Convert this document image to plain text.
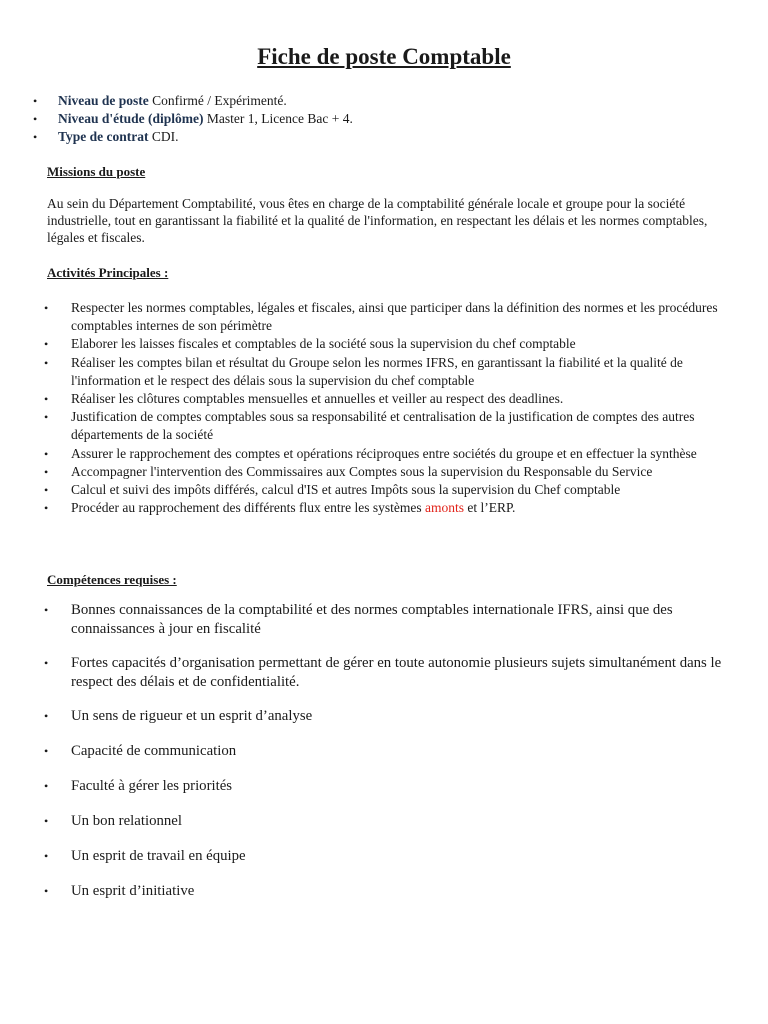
Fiche de poste Comptable
• Niveau de poste Confirmé / Expérimenté.
• Niveau d'étude (diplôme) Master 1, Licence Bac + 4.
• Type de contrat CDI.
Missions du poste

Au sein du Département Comptabilité, vous êtes en charge de la comptabilité générale locale et groupe pour la société industrielle, tout en garantissant la fiabilité et la qualité de l'information, en respectant les délais et les normes comptables, légales et fiscales.

Activités Principales :
• Respecter les normes comptables, légales et fiscales, ainsi que participer dans la définition des normes et les procédures comptables internes de son périmètre
• Elaborer les laisses fiscales et comptables de la société sous la supervision du chef comptable
• Réaliser les comptes bilan et résultat du Groupe selon les normes IFRS, en garantissant la fiabilité et la qualité de l'information et le respect des délais sous la supervision du chef comptable
• Réaliser les clôtures comptables mensuelles et annuelles et veiller au respect des deadlines.
• Justification de comptes comptables sous sa responsabilité et centralisation de la justification de comptes des autres départements de la société
• Assurer le rapprochement des comptes et opérations réciproques entre sociétés du groupe et en effectuer la synthèse
• Accompagner l'intervention des Commissaires aux Comptes sous la supervision du Responsable du Service
• Calcul et suivi des impôts différés, calcul d'IS et autres Impôts sous la supervision du Chef comptable
• Procéder au rapprochement des différents flux entre les systèmes amonts et l’ERP.
Compétences requises :
• Bonnes connaissances de la comptabilité et des normes comptables internationale IFRS, ainsi que des connaissances à jour en fiscalité
• Fortes capacités d’organisation permettant de gérer en toute autonomie plusieurs sujets simultanément dans le respect des délais et de confidentialité.
• Un sens de rigueur et un esprit d’analyse
• Capacité de communication
• Faculté à gérer les priorités
• Un bon relationnel
• Un esprit de travail en équipe
• Un esprit d’initiative
